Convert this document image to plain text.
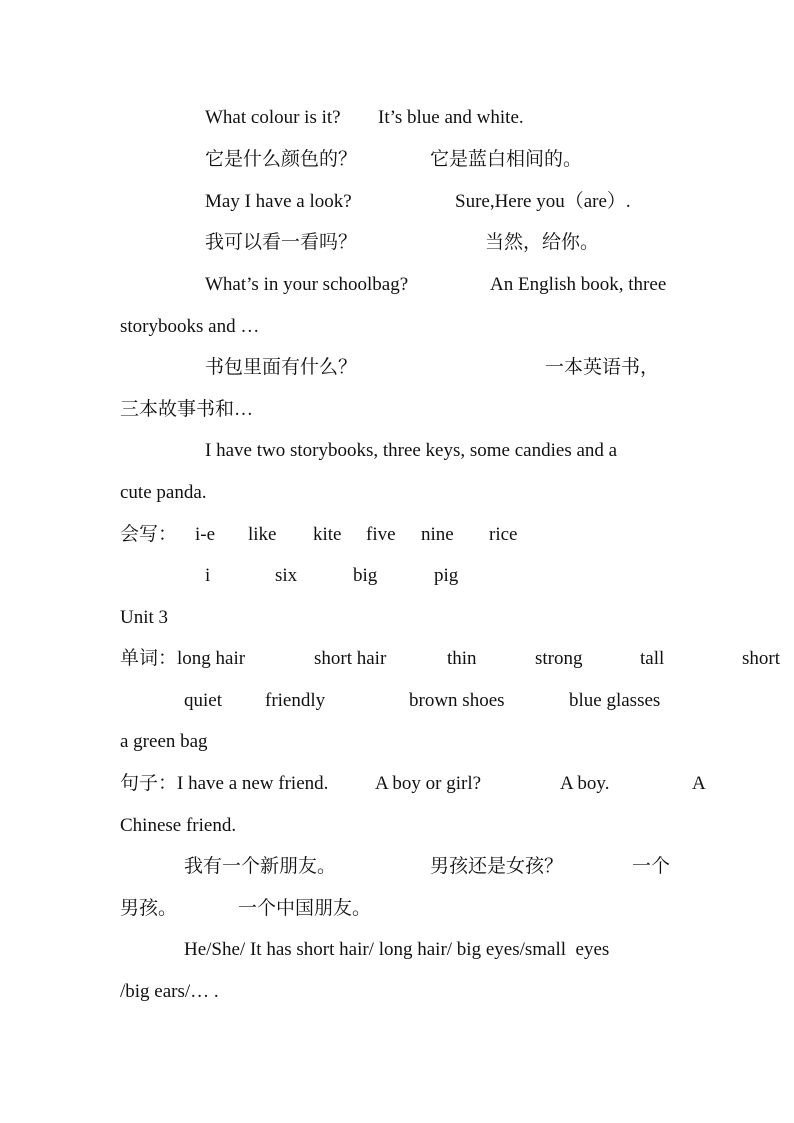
What colour is it? It’s blue and white.
它是什么颜色的？	它是蓝白相间的。
May I have a look?	Sure,Here you（are）.
我可以看一看吗？	当然，给你。
What’s in your schoolbag?	An English book, three
storybooks and …
书包里面有什么？	一本英语书，
三本故事书和…
I have two storybooks, three keys, some candies and a
cute panda.
会写： i-e like kite five nine rice
i	six	big	pig
Unit 3
单词：long hair	short hair	thin	strong	tall	short
quiet friendly	brown shoes	blue glasses
a green bag
句子：I have a new friend. A boy or girl?	A boy.	A
Chinese friend.
我有一个新朋友。	男孩还是女孩？	一个
男孩。	一个中国朋友。
He/She/ It has short hair/ long hair/ big eyes/small  eyes
/big ears/… .
